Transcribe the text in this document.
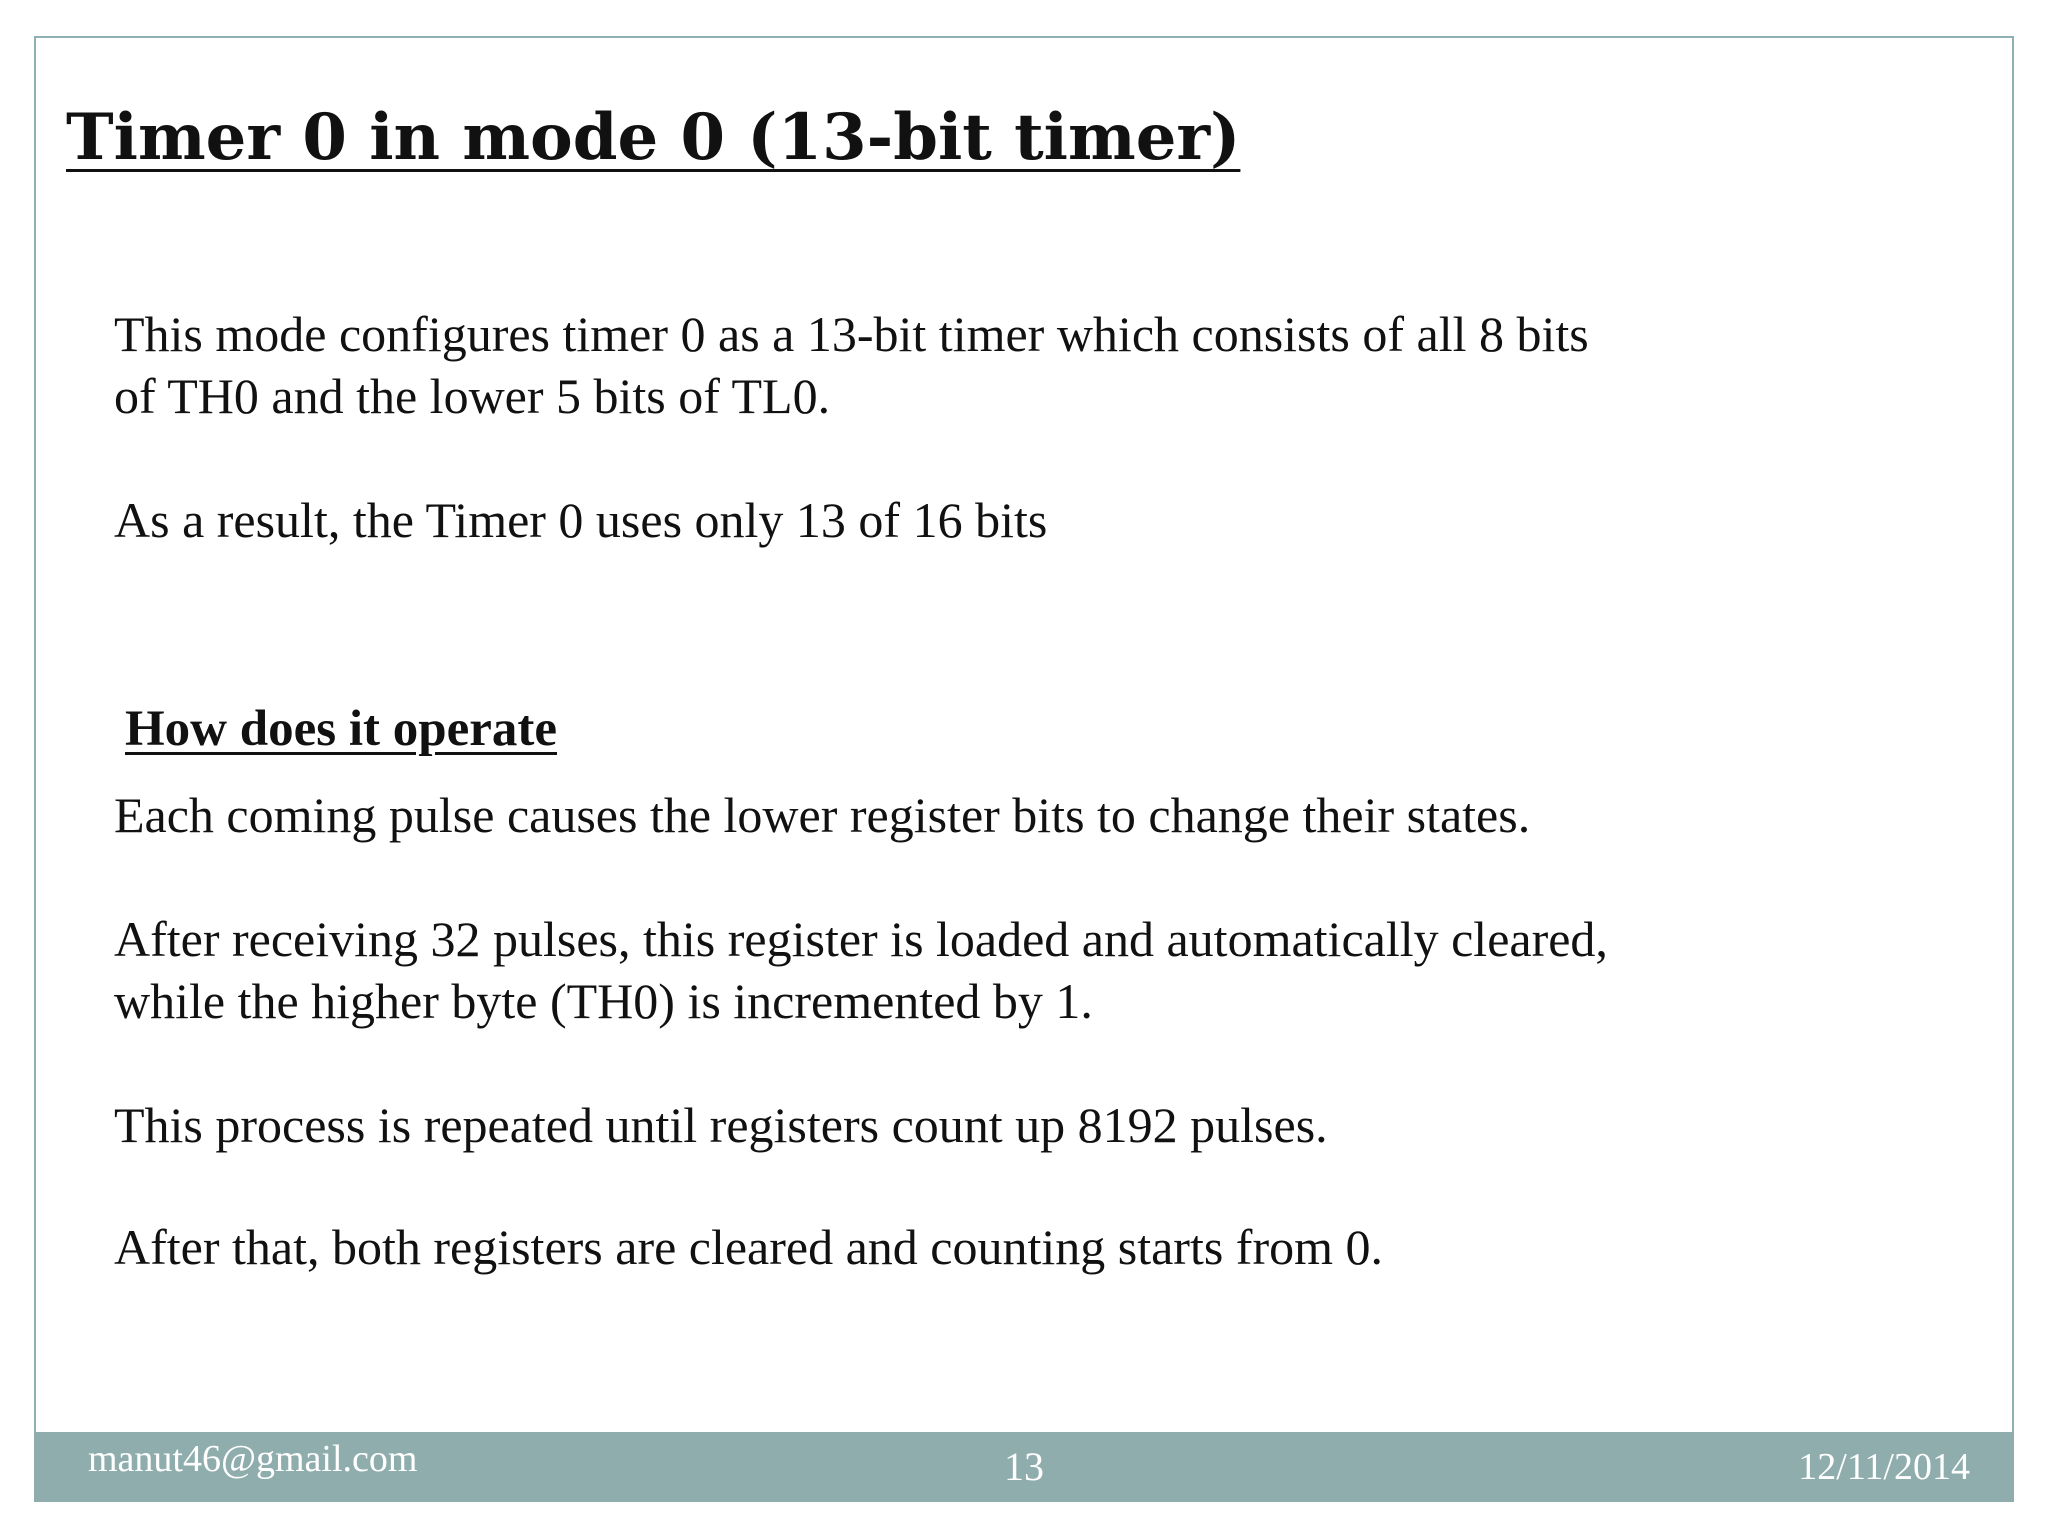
Timer 0 in mode 0 (13-bit timer)

This mode configures timer 0 as a 13-bit timer which consists of all 8 bits

of TH0 and the lower 5 bits of TL0.

As a result, the Timer 0 uses only 13 of 16 bits

How does it operate

Each coming pulse causes the lower register bits to change their states.

After receiving 32 pulses, this register is loaded and automatically cleared,

while the higher byte (TH0) is incremented by 1.

This process is repeated until registers count up 8192 pulses.

After that, both registers are cleared and counting starts from 0.

manut46@gmail.com	13	12/11/2014
